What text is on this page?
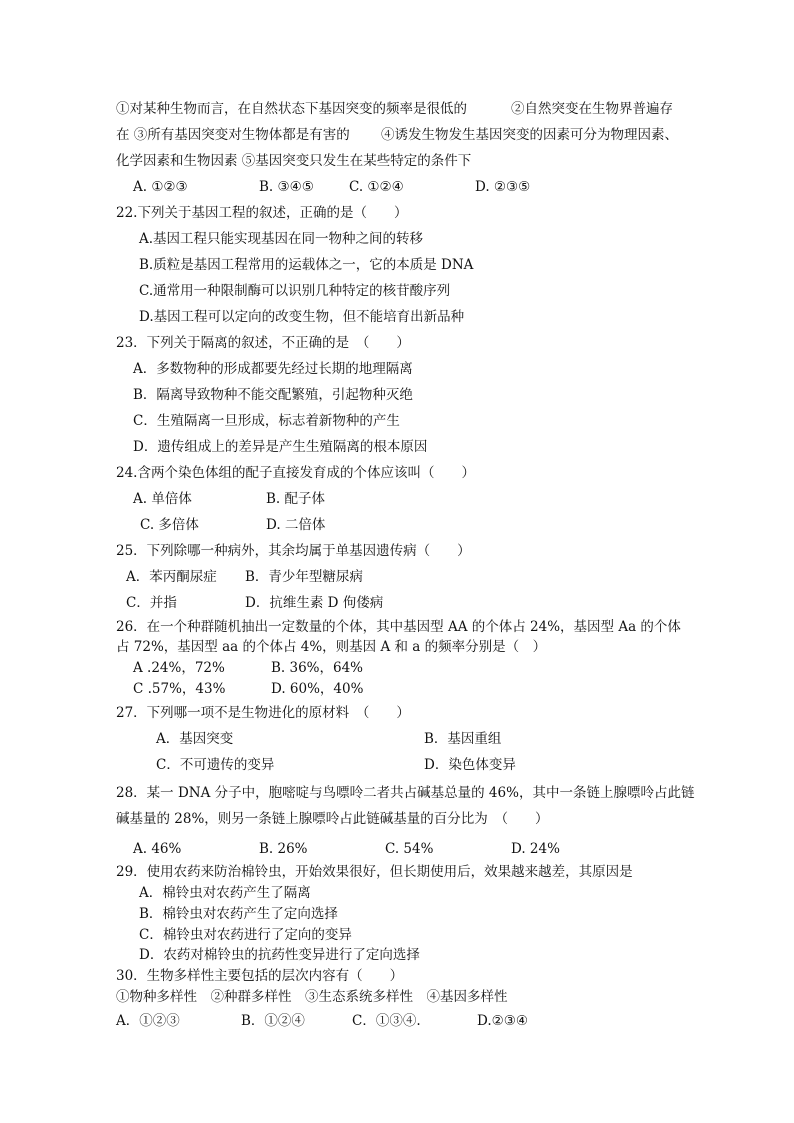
①对某种生物而言，在自然状态下基因突变的频率是很低的	②自然突变在生物界普遍存
在 ③所有基因突变对生物体都是有害的 ④诱发生物发生基因突变的因素可分为物理因素、
化学因素和生物因素 ⑤基因突变只发生在某些特定的条件下
A. ①②③	B. ③④⑤	C. ①②④	D. ②③⑤
22.下列关于基因工程的叙述，正确的是（　　）
A.基因工程只能实现基因在同一物种之间的转移
B.质粒是基因工程常用的运载体之一，它的本质是 DNA
C.通常用一种限制酶可以识别几种特定的核苷酸序列
D.基因工程可以定向的改变生物，但不能培育出新品种
23．下列关于隔离的叙述，不正确的是　（　　）
A．多数物种的形成都要先经过长期的地理隔离
B．隔离导致物种不能交配繁殖，引起物种灭绝
C．生殖隔离一旦形成，标志着新物种的产生
D．遗传组成上的差异是产生生殖隔离的根本原因
24.含两个染色体组的配子直接发育成的个体应该叫（　　）
A. 单倍体	B. 配子体
C. 多倍体	D. 二倍体
25．下列除哪一种病外，其余均属于单基因遗传病（　　）
A．苯丙酮尿症 B．青少年型糖尿病
C．并指	D．抗维生素 D 佝偻病
26．在一个种群随机抽出一定数量的个体，其中基因型 AA 的个体占 24%，基因型 Aa 的个体
占 72%，基因型 aa 的个体占 4%，则基因 A 和 a 的频率分别是（　）
A .24%，72%	B. 36%，64%
C .57%，43%	D. 60%，40%
27．下列哪一项不是生物进化的原材料　（　　）
A．基因突变	B．基因重组
C．不可遗传的变异	D．染色体变异
28．某一 DNA 分子中，胞嘧啶与鸟嘌呤二者共占碱基总量的 46%，其中一条链上腺嘌呤占此链
碱基量的 28%，则另一条链上腺嘌呤占此链碱基量的百分比为　（　　）
A. 46%	B. 26%	C. 54%	D. 24%
29．使用农药来防治棉铃虫，开始效果很好，但长期使用后，效果越来越差，其原因是
A．棉铃虫对农药产生了隔离
B．棉铃虫对农药产生了定向选择
C．棉铃虫对农药进行了定向的变异
D．农药对棉铃虫的抗药性变异进行了定向选择
30．生物多样性主要包括的层次内容有（　　）
①物种多样性　②种群多样性　③生态系统多样性　④基因多样性
A．①②③	B．①②④	C．①③④.	D.②③④
